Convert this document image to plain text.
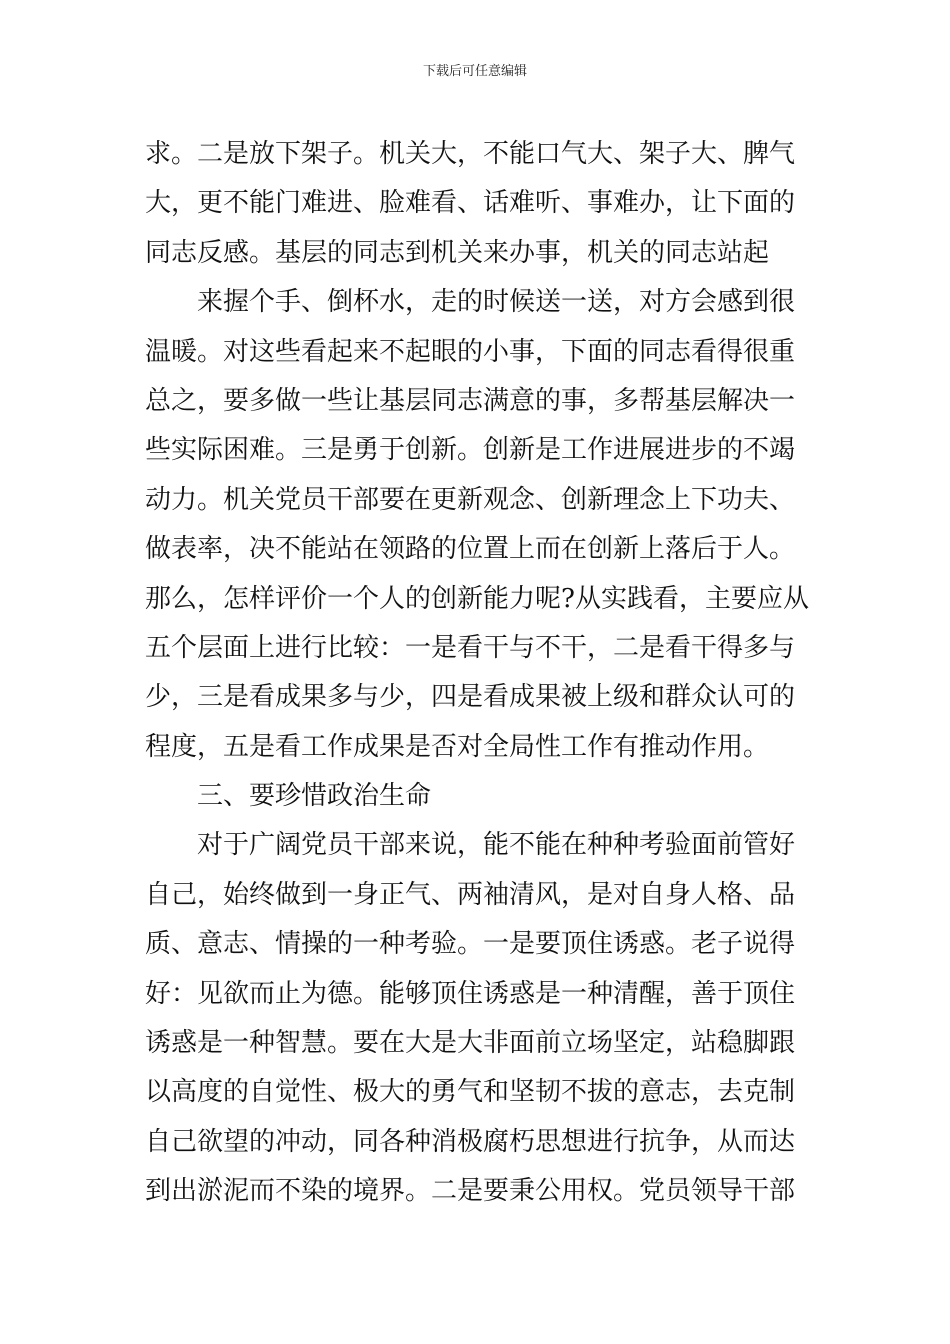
下载后可任意编辑
求。二是放下架子。机关大，不能口气大、架子大、脾气
大，更不能门难进、脸难看、话难听、事难办，让下面的
同志反感。基层的同志到机关来办事，机关的同志站起
来握个手、倒杯水，走的时候送一送，对方会感到很
温暖。对这些看起来不起眼的小事，下面的同志看得很重
总之，要多做一些让基层同志满意的事，多帮基层解决一
些实际困难。三是勇于创新。创新是工作进展进步的不竭
动力。机关党员干部要在更新观念、创新理念上下功夫、
做表率，决不能站在领路的位置上而在创新上落后于人。
那么，怎样评价一个人的创新能力呢?从实践看，主要应从
五个层面上进行比较：一是看干与不干，二是看干得多与
少，三是看成果多与少，四是看成果被上级和群众认可的
程度，五是看工作成果是否对全局性工作有推动作用。
三、要珍惜政治生命
对于广阔党员干部来说，能不能在种种考验面前管好
自己，始终做到一身正气、两袖清风，是对自身人格、品
质、意志、情操的一种考验。一是要顶住诱惑。老子说得
好：见欲而止为德。能够顶住诱惑是一种清醒，善于顶住
诱惑是一种智慧。要在大是大非面前立场坚定，站稳脚跟
以高度的自觉性、极大的勇气和坚韧不拔的意志，去克制
自己欲望的冲动，同各种消极腐朽思想进行抗争，从而达
到出淤泥而不染的境界。二是要秉公用权。党员领导干部
